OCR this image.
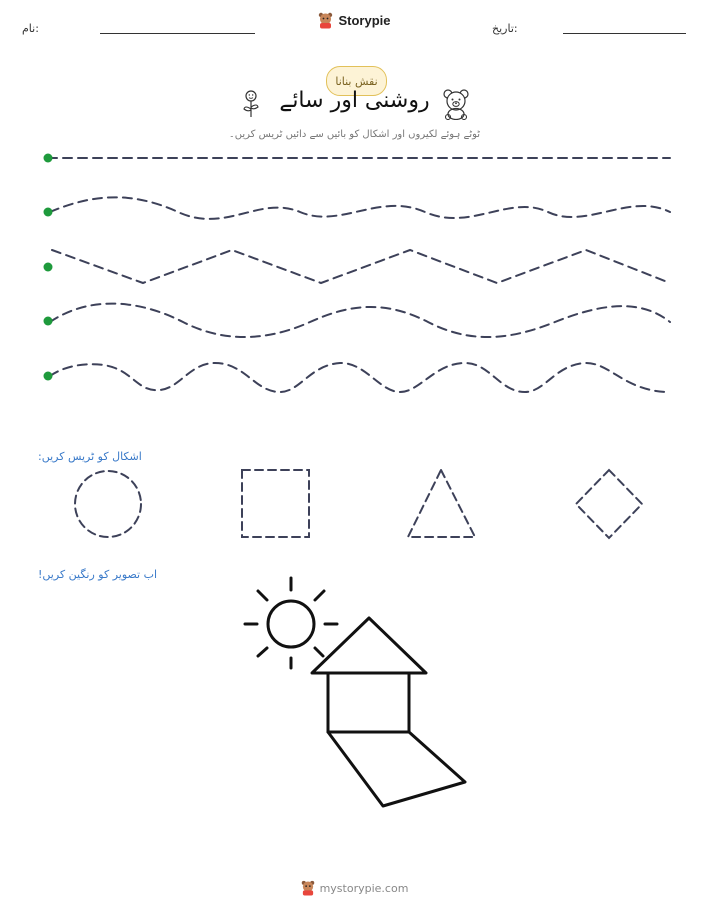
نام:
Storypie
تاریخ:
نقش بنانا
روشنی اور سائے
ٹوٹے ہوئے لکیروں اور اشکال کو بائیں سے دائیں ٹریس کریں۔
اشکال کو ٹریس کریں:
اب تصویر کو رنگین کریں!
mystorypie.com
